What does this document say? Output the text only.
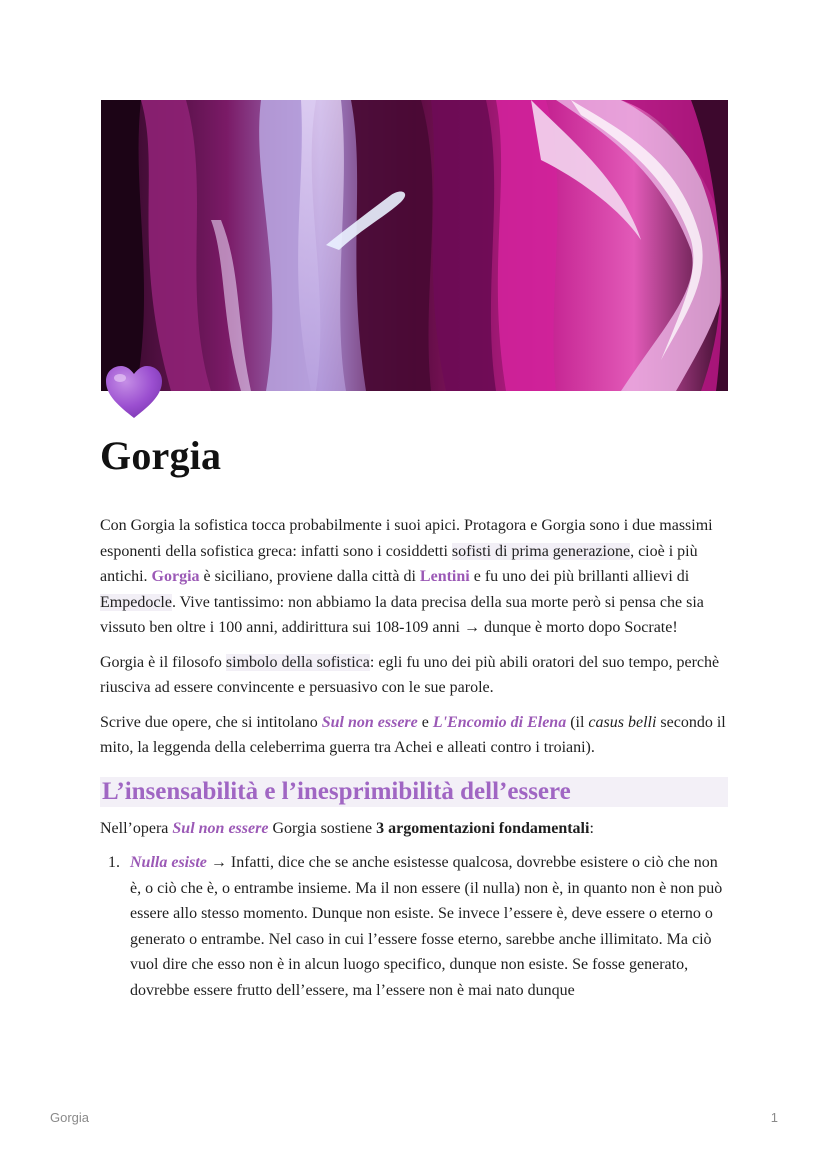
Gorgia

Con Gorgia la sofistica tocca probabilmente i suoi apici. Protagora e Gorgia sono i due massimi esponenti della sofistica greca: infatti sono i cosiddetti sofisti di prima generazione, cioè i più antichi. Gorgia è siciliano, proviene dalla città di Lentini e fu uno dei più brillanti allievi di Empedocle. Vive tantissimo: non abbiamo la data precisa della sua morte però si pensa che sia vissuto ben oltre i 100 anni, addirittura sui 108-109 anni → dunque è morto dopo Socrate!

Gorgia è il filosofo simbolo della sofistica: egli fu uno dei più abili oratori del suo tempo, perchè riusciva ad essere convincente e persuasivo con le sue parole.

Scrive due opere, che si intitolano Sul non essere e L'Encomio di Elena (il casus belli secondo il mito, la leggenda della celeberrima guerra tra Achei e alleati contro i troiani).

L’insensabilità e l’inesprimibilità dell’essere

Nell’opera Sul non essere Gorgia sostiene 3 argomentazioni fondamentali:

1. Nulla esiste → Infatti, dice che se anche esistesse qualcosa, dovrebbe esistere o ciò che non è, o ciò che è, o entrambe insieme. Ma il non essere (il nulla) non è, in quanto non è non può essere allo stesso momento. Dunque non esiste. Se invece l’essere è, deve essere o eterno o generato o entrambe. Nel caso in cui l’essere fosse eterno, sarebbe anche illimitato. Ma ciò vuol dire che esso non è in alcun luogo specifico, dunque non esiste. Se fosse generato, dovrebbe essere frutto dell’essere, ma l’essere non è mai nato dunque
Gorgia	1
